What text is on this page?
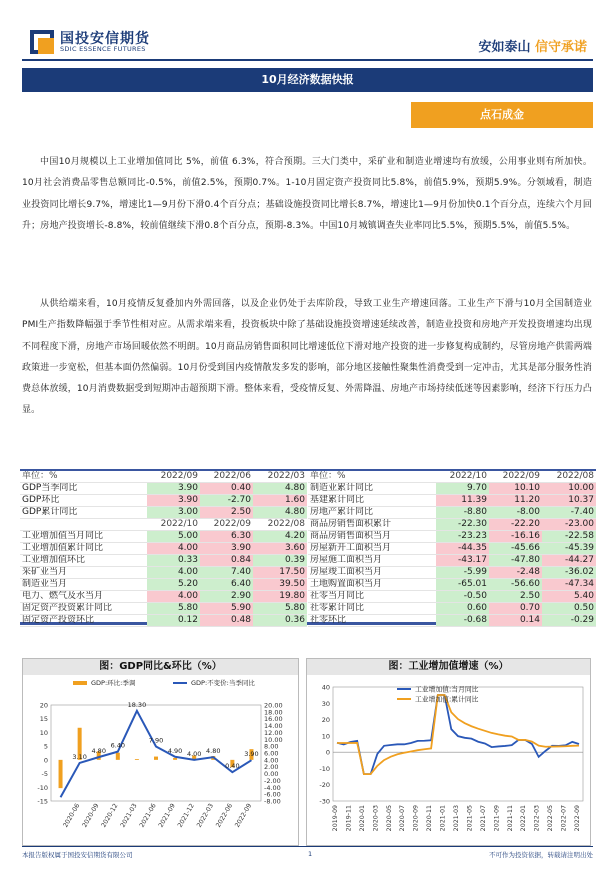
国投安信期货
SDIC ESSENCE FUTURES	安如泰山 信守承诺
10月经济数据快报
点石成金

中国10月规模以上工业增加值同比 5%，前值 6.3%，符合预期。三大门类中，采矿业和制造业增速均有放缓，公用事业则有所加快。10月社会消费品零售总额同比-0.5%，前值2.5%，预期0.7%。1-10月固定资产投资同比5.8%，前值5.9%，预期5.9%。分领域看，制造业投资同比增长9.7%，增速比1—9月份下滑0.4个百分点；基础设施投资同比增长8.7%，增速比1—9月份加快0.1个百分点，连续六个月回升；房地产投资增长-8.8%，较前值继续下滑0.8个百分点，预期-8.3%。中国10月城镇调查失业率同比5.5%，预期5.5%，前值5.5%。

从供给端来看，10月疫情反复叠加内外需回落，以及企业仍处于去库阶段，导致工业生产增速回落。工业生产下滑与10月全国制造业PMI生产指数降幅强于季节性相对应。从需求端来看，投资板块中除了基础设施投资增速延续改善，制造业投资和房地产开发投资增速均出现不同程度下滑，房地产市场回暖依然不明朗。10月商品房销售面积同比增速低位下滑对地产投资的进一步修复构成制约，尽管房地产供需两端政策进一步宽松，但基本面仍然偏弱。10月份受到国内疫情散发多发的影响，部分地区接触性聚集性消费受到一定冲击，尤其是部分服务性消费总体放缓，10月消费数据受到短期冲击超预期下滑。整体来看，受疫情反复、外需降温、房地产市场持续低迷等因素影响，经济下行压力凸显。

单位：%	2022/09	2022/06	2022/03
GDP当季同比	3.90	0.40	4.80
GDP环比	3.90	-2.70	1.60
GDP累计同比	3.00	2.50	4.80
	2022/10	2022/09	2022/08
工业增加值当月同比	5.00	6.30	4.20
工业增加值累计同比	4.00	3.90	3.60
工业增加值环比	0.33	0.84	0.39
采矿业当月	4.00	7.40	17.50
制造业当月	5.20	6.40	39.50
电力、燃气及水当月	4.00	2.90	19.80
固定资产投资累计同比	5.80	5.90	5.80
固定资产投资环比	0.12	0.48	0.36
单位：%	2022/10	2022/09	2022/08
制造业累计同比	9.70	10.10	10.00
基建累计同比	11.39	11.20	10.37
房地产累计同比	-8.80	-8.00	-7.40
商品房销售面积累计	-22.30	-22.20	-23.00
商品房销售面积当月	-23.23	-16.16	-22.58
房屋新开工面积当月	-44.35	-45.66	-45.39
房屋施工面积当月	-43.17	-47.80	-44.27
房屋竣工面积当月	-5.99	-2.48	-36.02
土地购置面积当月	-65.01	-56.60	-47.34
社零当月同比	-0.50	2.50	5.40
社零累计同比	0.60	0.70	0.50
社零环比	-0.68	0.14	-0.29
图：GDP同比&环比（%）
-15
-10
-5
0
5
10
15
20
-8.00
-6.00
-4.00
-2.00
0.00
2.00
4.00
6.00
8.00
10.00
12.00
14.00
16.00
18.00
20.00
3.10
4.80
6.40
18.30
7.90
4.90 4.00 4.80
0.40
3.90
2020-06 2020-09 2020-12 2021-03 2021-06 2021-09 2021-12 2022-03 2022-06 2022-09
GDP:环比:季调	GDP:不变价:当季同比
图：工业增加值增速（%）
-30
-20
-10
0
10
20
30
40
2019-09 2019-11 2020-01 2020-03 2020-05 2020-07 2020-09 2020-11 2021-01 2021-03 2021-05 2021-07 2021-09 2021-11 2022-01 2022-03 2022-05 2022-07 2022-09
工业增加值:当月同比
工业增加值:累计同比
本报告版权属于国投安信期货有限公司	1	不可作为投资依据，转载请注明出处
